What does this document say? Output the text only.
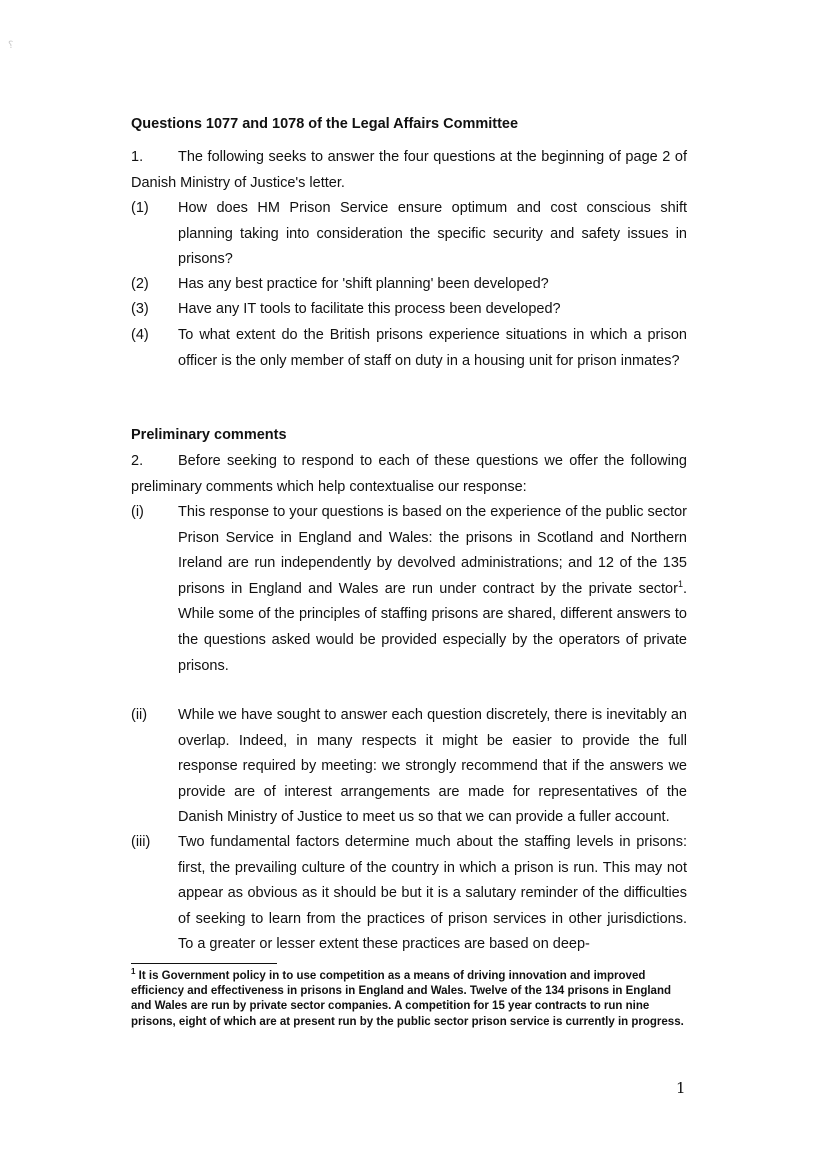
⸮

Questions 1077 and 1078 of the Legal Affairs Committee

1. The following seeks to answer the four questions at the beginning of page 2 of Danish Ministry of Justice's letter.

(1) How does HM Prison Service ensure optimum and cost conscious shift planning taking into consideration the specific security and safety issues in prisons?
(2) Has any best practice for 'shift planning' been developed?
(3) Have any IT tools to facilitate this process been developed?
(4) To what extent do the British prisons experience situations in which a prison officer is the only member of staff on duty in a housing unit for prison inmates?

Preliminary comments

2. Before seeking to respond to each of these questions we offer the following preliminary comments which help contextualise our response:

(i) This response to your questions is based on the experience of the public sector Prison Service in England and Wales: the prisons in Scotland and Northern Ireland are run independently by devolved administrations; and 12 of the 135 prisons in England and Wales are run under contract by the private sector$^1$. While some of the principles of staffing prisons are shared, different answers to the questions asked would be provided especially by the operators of private prisons.
(ii) While we have sought to answer each question discretely, there is inevitably an overlap. Indeed, in many respects it might be easier to provide the full response required by meeting: we strongly recommend that if the answers we provide are of interest arrangements are made for representatives of the Danish Ministry of Justice to meet us so that we can provide a fuller account.
(iii) Two fundamental factors determine much about the staffing levels in prisons: first, the prevailing culture of the country in which a prison is run. This may not appear as obvious as it should be but it is a salutary reminder of the difficulties of seeking to learn from the practices of prison services in other jurisdictions. To a greater or lesser extent these practices are based on deep-

$^1$ It is Government policy in to use competition as a means of driving innovation and improved efficiency and effectiveness in prisons in England and Wales. Twelve of the 134 prisons in England and Wales are run by private sector companies. A competition for 15 year contracts to run nine prisons, eight of which are at present run by the public sector prison service is currently in progress.

1
